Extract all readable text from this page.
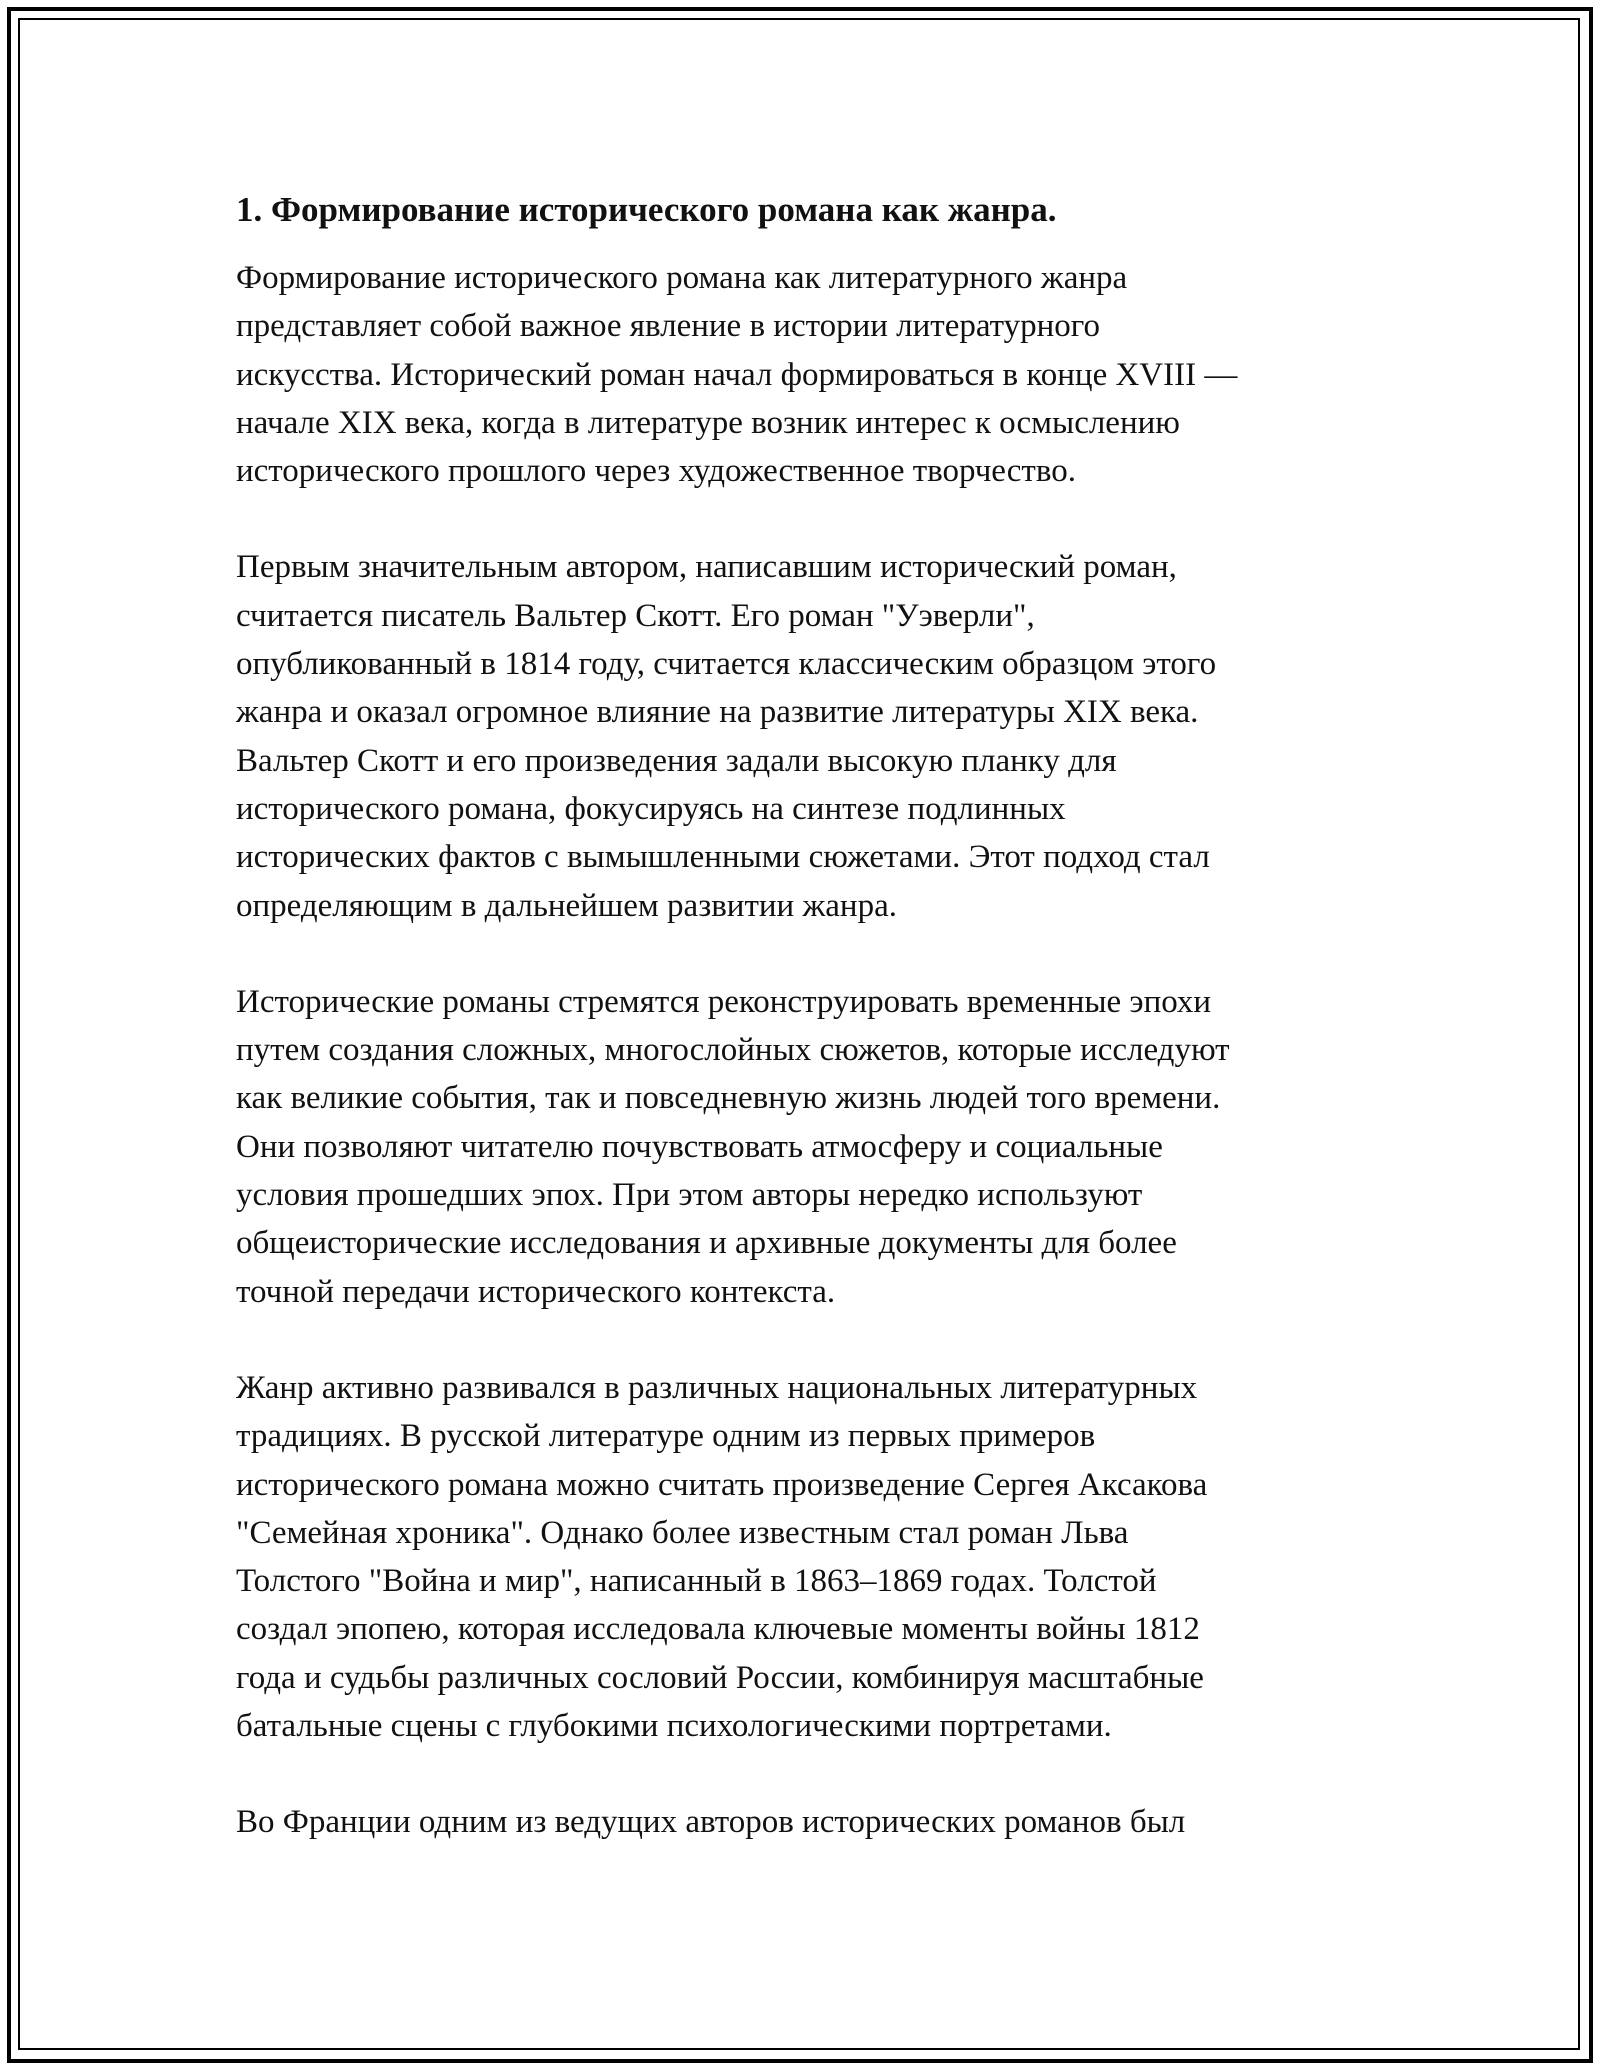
1. Формирование исторического романа как жанра.
Формирование исторического романа как литературного жанра
представляет собой важное явление в истории литературного
искусства. Исторический роман начал формироваться в конце XVIII —
начале XIX века, когда в литературе возник интерес к осмыслению
исторического прошлого через художественное творчество.
Первым значительным автором, написавшим исторический роман,
считается писатель Вальтер Скотт. Его роман "Уэверли",
опубликованный в 1814 году, считается классическим образцом этого
жанра и оказал огромное влияние на развитие литературы XIX века.
Вальтер Скотт и его произведения задали высокую планку для
исторического романа, фокусируясь на синтезе подлинных
исторических фактов с вымышленными сюжетами. Этот подход стал
определяющим в дальнейшем развитии жанра.
Исторические романы стремятся реконструировать временные эпохи
путем создания сложных, многослойных сюжетов, которые исследуют
как великие события, так и повседневную жизнь людей того времени.
Они позволяют читателю почувствовать атмосферу и социальные
условия прошедших эпох. При этом авторы нередко используют
общеисторические исследования и архивные документы для более
точной передачи исторического контекста.
Жанр активно развивался в различных национальных литературных
традициях. В русской литературе одним из первых примеров
исторического романа можно считать произведение Сергея Аксакова
"Семейная хроника". Однако более известным стал роман Льва
Толстого "Война и мир", написанный в 1863–1869 годах. Толстой
создал эпопею, которая исследовала ключевые моменты войны 1812
года и судьбы различных сословий России, комбинируя масштабные
батальные сцены с глубокими психологическими портретами.
Во Франции одним из ведущих авторов исторических романов был
